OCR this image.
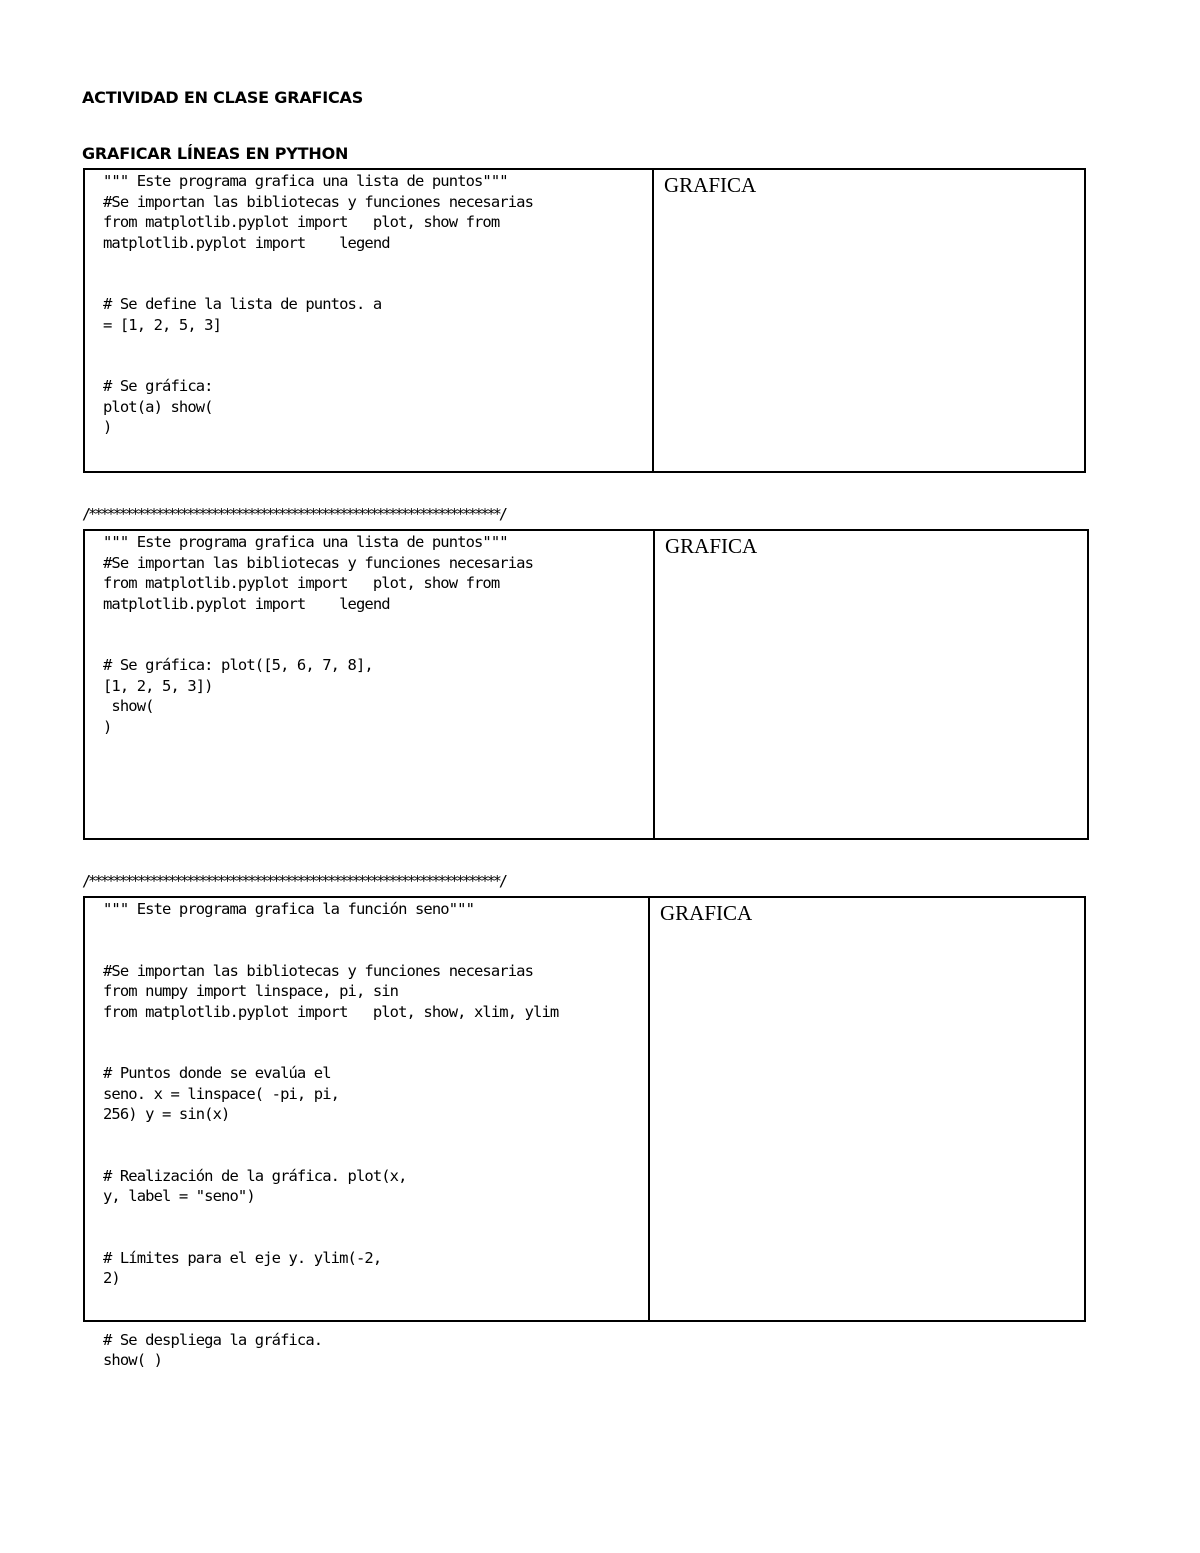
ACTIVIDAD EN CLASE GRAFICAS
GRAFICAR LÍNEAS EN PYTHON
""" Este programa grafica una lista de puntos"""
#Se importan las bibliotecas y funciones necesarias
from matplotlib.pyplot import   plot, show from
matplotlib.pyplot import    legend

# Se define la lista de puntos. a
= [1, 2, 5, 3]

# Se gráfica:
plot(a) show(
)
GRAFICA
/*******************************************************************/
""" Este programa grafica una lista de puntos"""
#Se importan las bibliotecas y funciones necesarias
from matplotlib.pyplot import   plot, show from
matplotlib.pyplot import    legend

# Se gráfica: plot([5, 6, 7, 8],
[1, 2, 5, 3])
show(
)
GRAFICA
/*******************************************************************/
""" Este programa grafica la función seno"""

#Se importan las bibliotecas y funciones necesarias
from numpy import linspace, pi, sin
from matplotlib.pyplot import   plot, show, xlim, ylim

# Puntos donde se evalúa el
seno. x = linspace( -pi, pi,
256) y = sin(x)

# Realización de la gráfica. plot(x,
y, label = "seno")

# Límites para el eje y. ylim(-2,
2)

# Se despliega la gráfica.
show( )
GRAFICA
